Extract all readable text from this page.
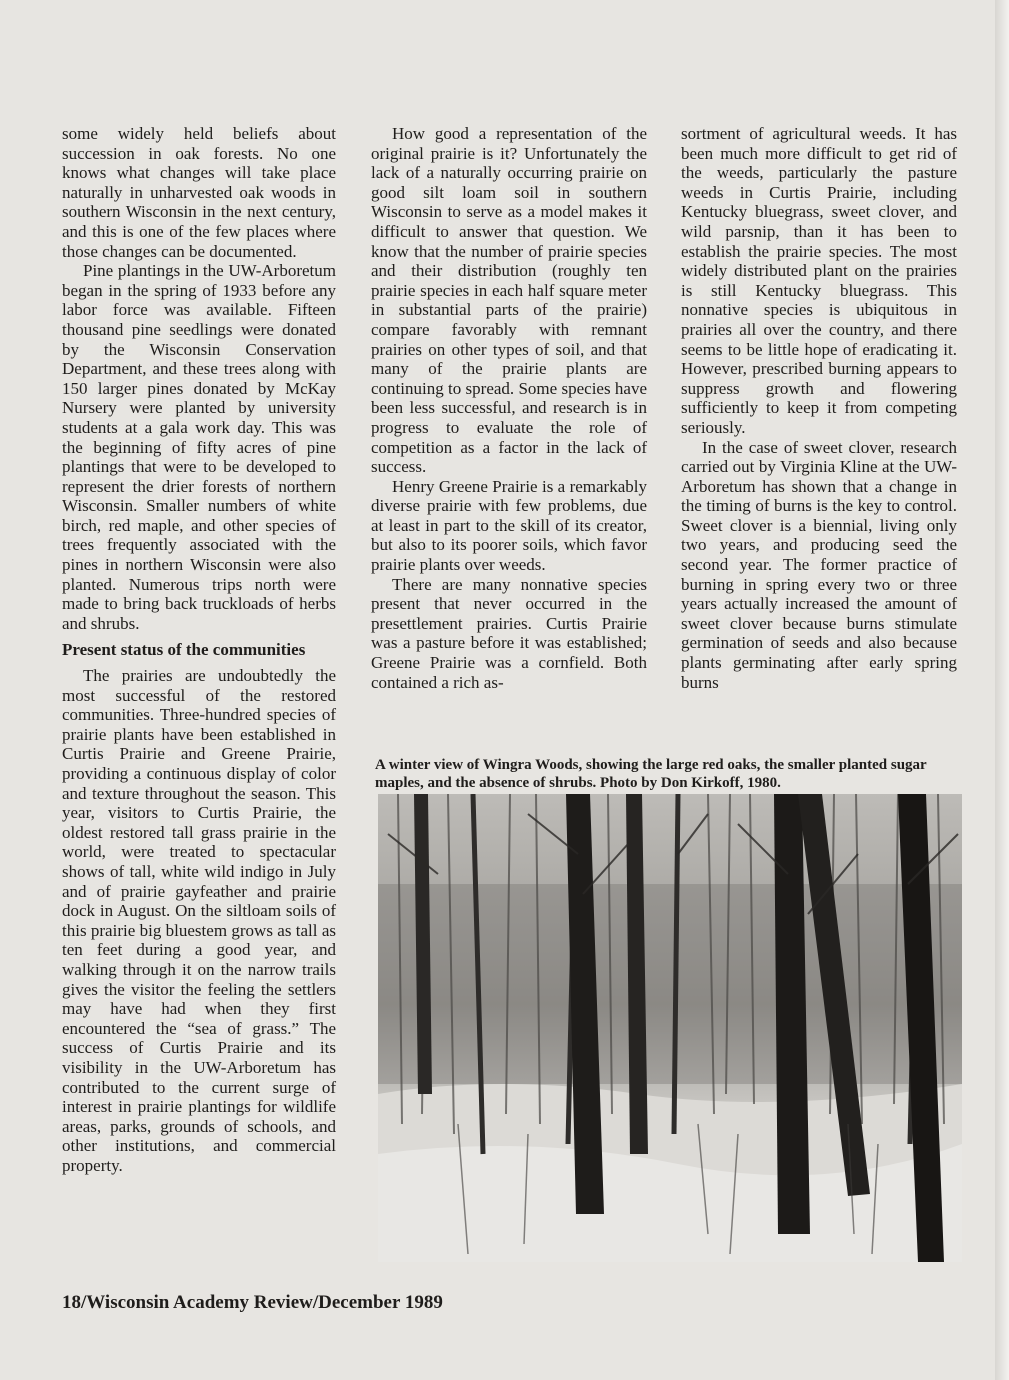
some widely held beliefs about succession in oak forests. No one knows what changes will take place naturally in unharvested oak woods in southern Wisconsin in the next century, and this is one of the few places where those changes can be documented.

Pine plantings in the UW-Arboretum began in the spring of 1933 before any labor force was available. Fifteen thousand pine seedlings were donated by the Wisconsin Conservation Department, and these trees along with 150 larger pines donated by McKay Nursery were planted by university students at a gala work day. This was the beginning of fifty acres of pine plantings that were to be developed to represent the drier forests of northern Wisconsin. Smaller numbers of white birch, red maple, and other species of trees frequently associated with the pines in northern Wisconsin were also planted. Numerous trips north were made to bring back truckloads of herbs and shrubs.

Present status of the communities

The prairies are undoubtedly the most successful of the restored communities. Three-hundred species of prairie plants have been established in Curtis Prairie and Greene Prairie, providing a continuous display of color and texture throughout the season. This year, visitors to Curtis Prairie, the oldest restored tall grass prairie in the world, were treated to spectacular shows of tall, white wild indigo in July and of prairie gayfeather and prairie dock in August. On the siltloam soils of this prairie big bluestem grows as tall as ten feet during a good year, and walking through it on the narrow trails gives the visitor the feeling the settlers may have had when they first encountered the “sea of grass.” The success of Curtis Prairie and its visibility in the UW-Arboretum has contributed to the current surge of interest in prairie plantings for wildlife areas, parks, grounds of schools, and other institutions, and commercial property.

How good a representation of the original prairie is it? Unfortunately the lack of a naturally occurring prairie on good silt loam soil in southern Wisconsin to serve as a model makes it difficult to answer that question. We know that the number of prairie species and their distribution (roughly ten prairie species in each half square meter in substantial parts of the prairie) compare favorably with remnant prairies on other types of soil, and that many of the prairie plants are continuing to spread. Some species have been less successful, and research is in progress to evaluate the role of competition as a factor in the lack of success.

Henry Greene Prairie is a remarkably diverse prairie with few problems, due at least in part to the skill of its creator, but also to its poorer soils, which favor prairie plants over weeds.

There are many nonnative species present that never occurred in the presettlement prairies. Curtis Prairie was a pasture before it was established; Greene Prairie was a cornfield. Both contained a rich as-

sortment of agricultural weeds. It has been much more difficult to get rid of the weeds, particularly the pasture weeds in Curtis Prairie, including Kentucky bluegrass, sweet clover, and wild parsnip, than it has been to establish the prairie species. The most widely distributed plant on the prairies is still Kentucky bluegrass. This nonnative species is ubiquitous in prairies all over the country, and there seems to be little hope of eradicating it. However, prescribed burning appears to suppress growth and flowering sufficiently to keep it from competing seriously.

In the case of sweet clover, research carried out by Virginia Kline at the UW-Arboretum has shown that a change in the timing of burns is the key to control. Sweet clover is a biennial, living only two years, and producing seed the second year. The former practice of burning in spring every two or three years actually increased the amount of sweet clover because burns stimulate germination of seeds and also because plants germinating after early spring burns

A winter view of Wingra Woods, showing the large red oaks, the smaller planted sugar maples, and the absence of shrubs. Photo by Don Kirkoff, 1980.
18/Wisconsin Academy Review/December 1989
